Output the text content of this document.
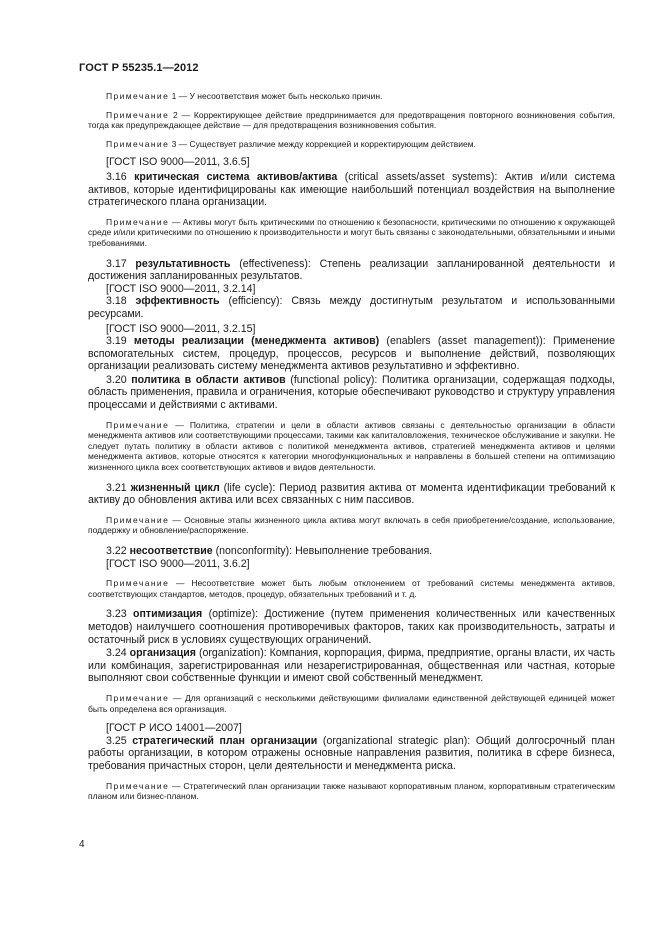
ГОСТ Р 55235.1—2012

Примечание 1 — У несоответствия может быть несколько причин.

Примечание 2 — Корректирующее действие предпринимается для предотвращения повторного возникновения события, тогда как предупреждающее действие — для предотвращения возникновения события.

Примечание 3 — Существует различие между коррекцией и корректирующим действием.

[ГОСТ ISO 9000—2011, 3.6.5]

3.16 критическая система активов/актива (critical assets/asset systems): Актив и/или система активов, которые идентифицированы как имеющие наибольший потенциал воздействия на выполнение стратегического плана организации.

Примечание — Активы могут быть критическими по отношению к безопасности, критическими по отношению к окружающей среде и/или критическими по отношению к производительности и могут быть связаны с законодательными, обязательными и иными требованиями.

3.17 результативность (effectiveness): Степень реализации запланированной деятельности и достижения запланированных результатов.

[ГОСТ ISO 9000—2011, 3.2.14]

3.18 эффективность (efficiency): Связь между достигнутым результатом и использованными ресурсами.

[ГОСТ ISO 9000—2011, 3.2.15]

3.19 методы реализации (менеджмента активов) (enablers (asset management)): Применение вспомогательных систем, процедур, процессов, ресурсов и выполнение действий, позволяющих организации реализовать систему менеджмента активов результативно и эффективно.

3.20 политика в области активов (functional policy): Политика организации, содержащая подходы, область применения, правила и ограничения, которые обеспечивают руководство и структуру управления процессами и действиями с активами.

Примечание — Политика, стратегии и цели в области активов связаны с деятельностью организации в области менеджмента активов или соответствующими процессами, такими как капиталовложения, техническое обслуживание и закупки. Не следует путать политику в области активов с политикой менеджмента активов, стратегией менеджмента активов и целями менеджмента активов, которые относятся к категории многофункциональных и направлены в большей степени на оптимизацию жизненного цикла всех соответствующих активов и видов деятельности.

3.21 жизненный цикл (life cycle): Период развития актива от момента идентификации требований к активу до обновления актива или всех связанных с ним пассивов.

Примечание — Основные этапы жизненного цикла актива могут включать в себя приобретение/создание, использование, поддержку и обновление/распоряжение.

3.22 несоответствие (nonconformity): Невыполнение требования.

[ГОСТ ISO 9000—2011, 3.6.2]

Примечание — Несоответствие может быть любым отклонением от требований системы менеджмента активов, соответствующих стандартов, методов, процедур, обязательных требований и т. д.

3.23 оптимизация (optimize): Достижение (путем применения количественных или качественных методов) наилучшего соотношения противоречивых факторов, таких как производительность, затраты и остаточный риск в условиях существующих ограничений.

3.24 организация (organization): Компания, корпорация, фирма, предприятие, органы власти, их часть или комбинация, зарегистрированная или незарегистрированная, общественная или частная, которые выполняют свои собственные функции и имеют свой собственный менеджмент.

Примечание — Для организаций с несколькими действующими филиалами единственной действующей единицей может быть определена вся организация.

[ГОСТ Р ИСО 14001—2007]

3.25 стратегический план организации (organizational strategic plan): Общий долгосрочный план работы организации, в котором отражены основные направления развития, политика в сфере бизнеса, требования причастных сторон, цели деятельности и менеджмента риска.

Примечание — Стратегический план организации также называют корпоративным планом, корпоративным стратегическим планом или бизнес-планом.

4
